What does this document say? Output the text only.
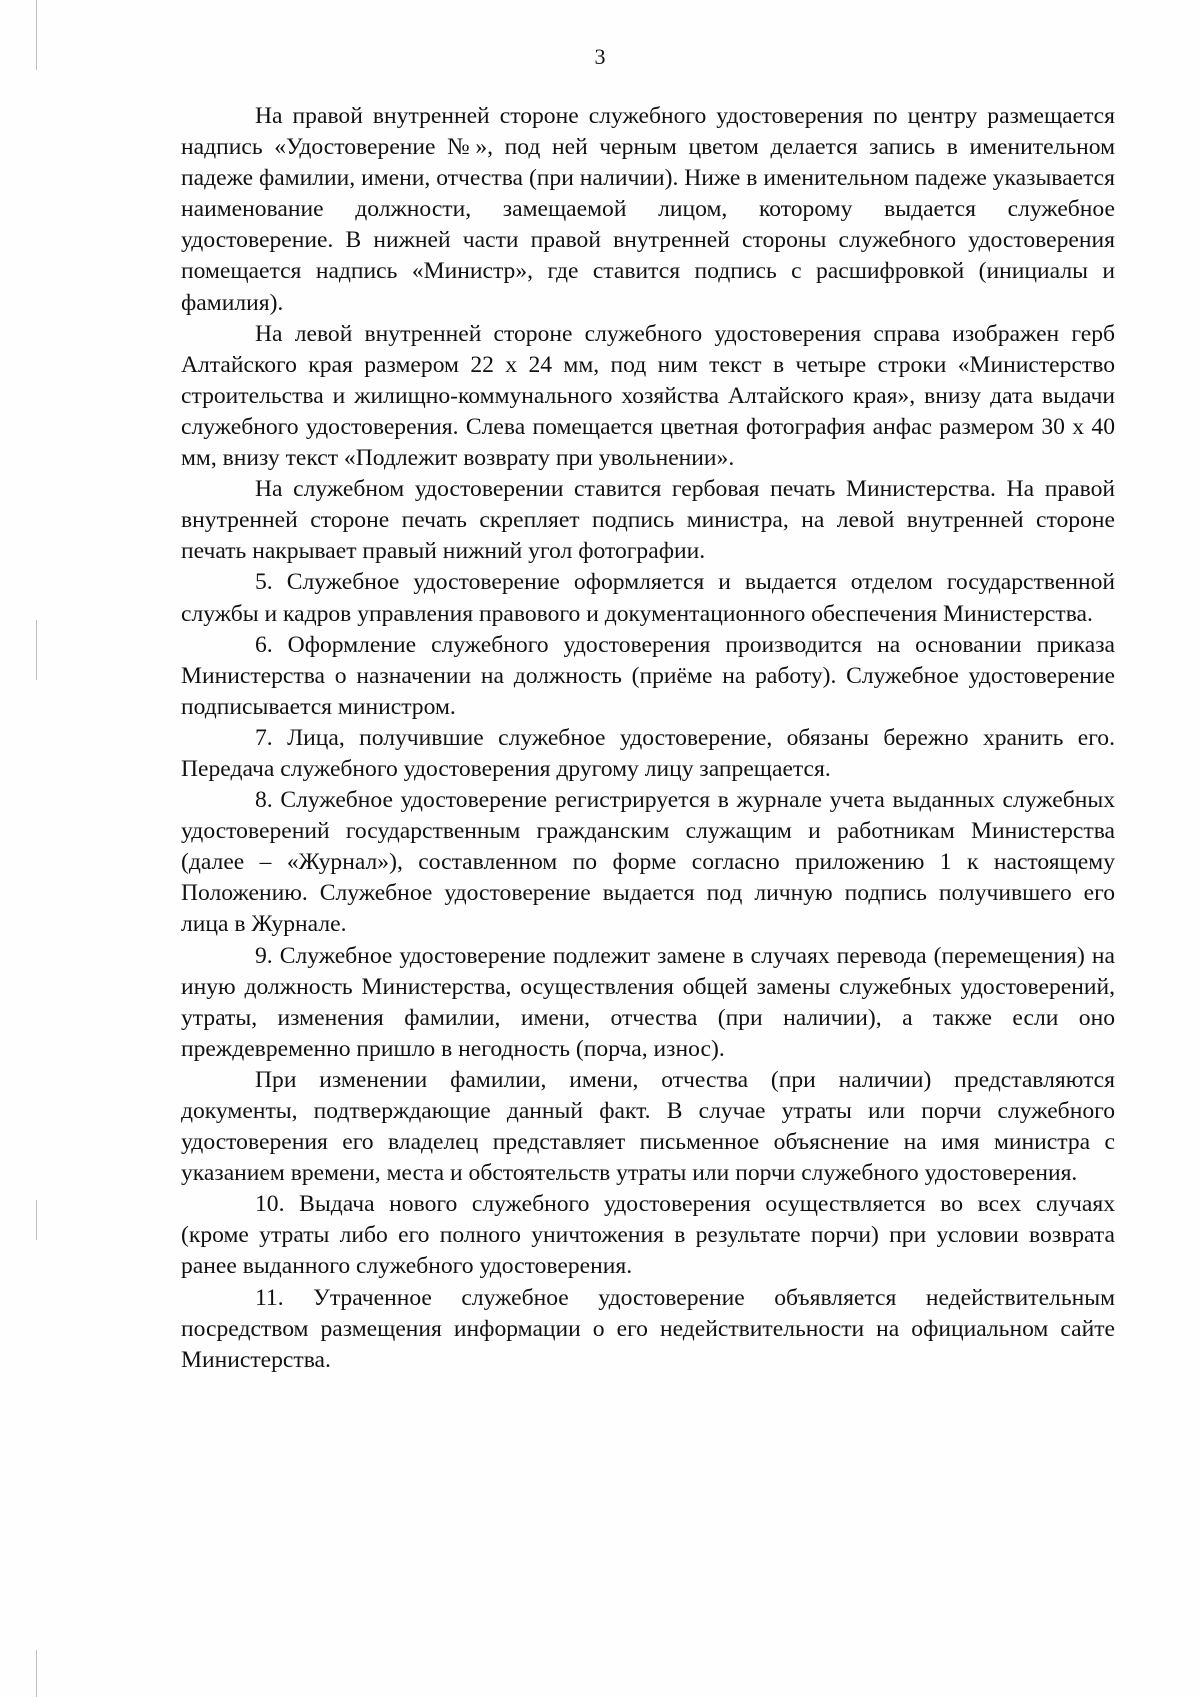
3

На правой внутренней стороне служебного удостоверения по центру размещается надпись «Удостоверение №», под ней черным цветом делается запись в именительном падеже фамилии, имени, отчества (при наличии). Ниже в именительном падеже указывается наименование должности, замещаемой лицом, которому выдается служебное удостоверение. В нижней части правой внутренней стороны служебного удостоверения помещается надпись «Министр», где ставится подпись с расшифровкой (инициалы и фамилия).

На левой внутренней стороне служебного удостоверения справа изображен герб Алтайского края размером 22 х 24 мм, под ним текст в четыре строки «Министерство строительства и жилищно-коммунального хозяйства Алтайского края», внизу дата выдачи служебного удостоверения. Слева помещается цветная фотография анфас размером 30 х 40 мм, внизу текст «Подлежит возврату при увольнении».

На служебном удостоверении ставится гербовая печать Министерства. На правой внутренней стороне печать скрепляет подпись министра, на левой внутренней стороне печать накрывает правый нижний угол фотографии.

5. Служебное удостоверение оформляется и выдается отделом государственной службы и кадров управления правового и документационного обеспечения Министерства.

6. Оформление служебного удостоверения производится на основании приказа Министерства о назначении на должность (приёме на работу). Служебное удостоверение подписывается министром.

7. Лица, получившие служебное удостоверение, обязаны бережно хранить его. Передача служебного удостоверения другому лицу запрещается.

8. Служебное удостоверение регистрируется в журнале учета выданных служебных удостоверений государственным гражданским служащим и работникам Министерства (далее – «Журнал»), составленном по форме согласно приложению 1 к настоящему Положению. Служебное удостоверение выдается под личную подпись получившего его лица в Журнале.

9. Служебное удостоверение подлежит замене в случаях перевода (перемещения) на иную должность Министерства, осуществления общей замены служебных удостоверений, утраты, изменения фамилии, имени, отчества (при наличии), а также если оно преждевременно пришло в негодность (порча, износ).

При изменении фамилии, имени, отчества (при наличии) представляются документы, подтверждающие данный факт. В случае утраты или порчи служебного удостоверения его владелец представляет письменное объяснение на имя министра с указанием времени, места и обстоятельств утраты или порчи служебного удостоверения.

10. Выдача нового служебного удостоверения осуществляется во всех случаях (кроме утраты либо его полного уничтожения в результате порчи) при условии возврата ранее выданного служебного удостоверения.

11. Утраченное служебное удостоверение объявляется недействительным посредством размещения информации о его недействительности на официальном сайте Министерства.
